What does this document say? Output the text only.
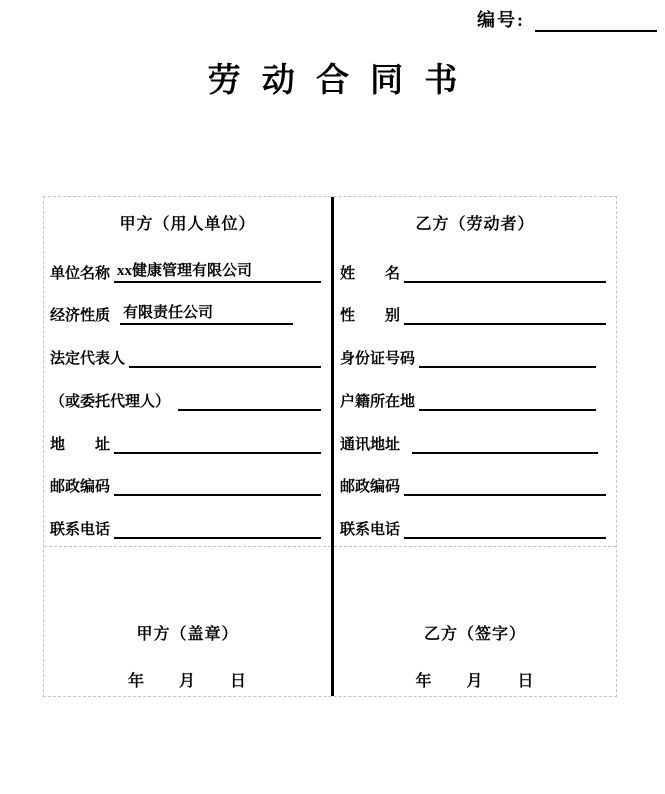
编号:
劳 动 合 同 书
甲方（用人单位）
单位名称 xx健康管理有限公司
经济性质 有限责任公司
法定代表人
（或委托代理人）
地　　址
邮政编码
联系电话
甲方（盖章）
年　　月　　日
乙方（劳动者）
姓　　名
性　　别
身份证号码
户籍所在地
通讯地址
邮政编码
联系电话
乙方（签字）
年　　月　　日
